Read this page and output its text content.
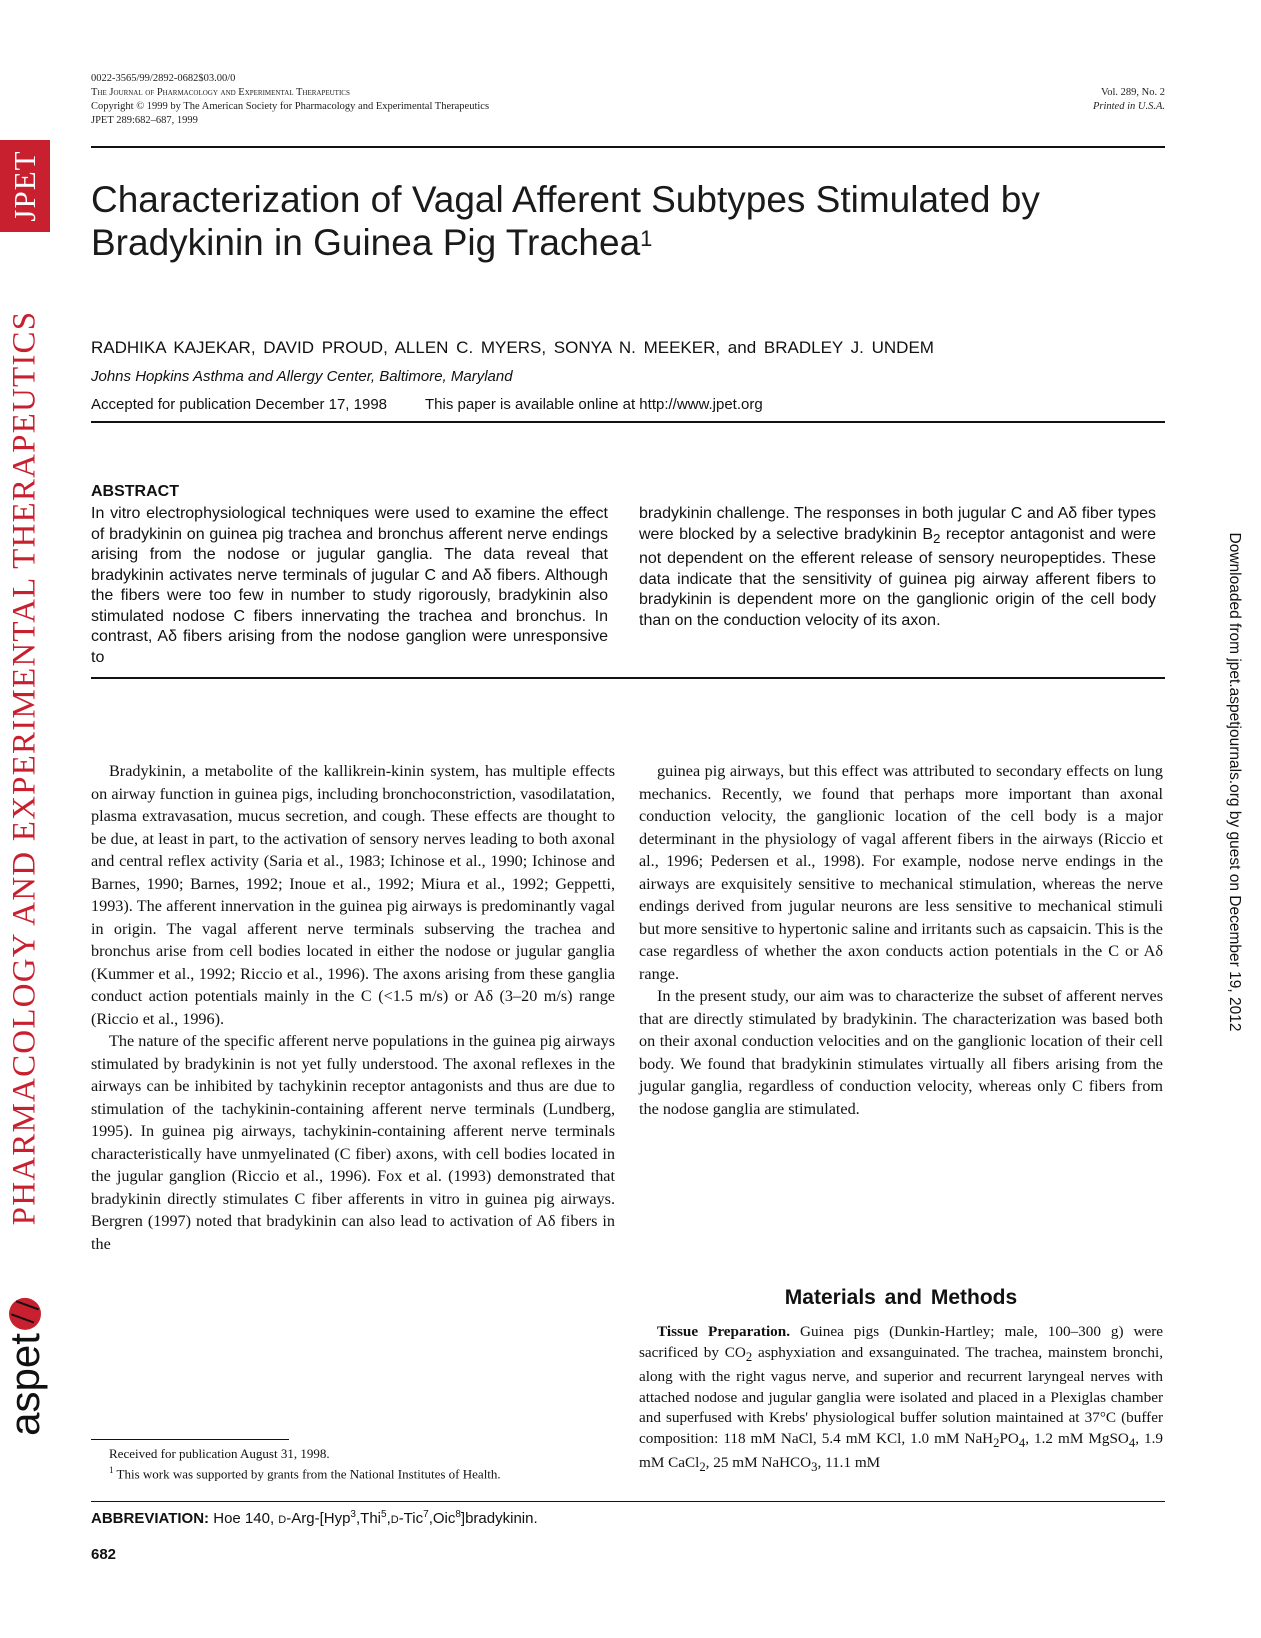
0022-3565/99/2892-0682$03.00/0
The Journal of Pharmacology and Experimental Therapeutics
Copyright © 1999 by The American Society for Pharmacology and Experimental Therapeutics
JPET 289:682–687, 1999
Vol. 289, No. 2
Printed in U.S.A.
Characterization of Vagal Afferent Subtypes Stimulated by Bradykinin in Guinea Pig Trachea$^1$
RADHIKA KAJEKAR, DAVID PROUD, ALLEN C. MYERS, SONYA N. MEEKER, and BRADLEY J. UNDEM
Johns Hopkins Asthma and Allergy Center, Baltimore, Maryland
Accepted for publication December 17, 1998	This paper is available online at http://www.jpet.org
ABSTRACT
In vitro electrophysiological techniques were used to examine the effect of bradykinin on guinea pig trachea and bronchus afferent nerve endings arising from the nodose or jugular ganglia. The data reveal that bradykinin activates nerve terminals of jugular C and Aδ fibers. Although the fibers were too few in number to study rigorously, bradykinin also stimulated nodose C fibers innervating the trachea and bronchus. In contrast, Aδ fibers arising from the nodose ganglion were unresponsive to
bradykinin challenge. The responses in both jugular C and Aδ fiber types were blocked by a selective bradykinin $B_2$ receptor antagonist and were not dependent on the efferent release of sensory neuropeptides. These data indicate that the sensitivity of guinea pig airway afferent fibers to bradykinin is dependent more on the ganglionic origin of the cell body than on the conduction velocity of its axon.

Bradykinin, a metabolite of the kallikrein-kinin system, has multiple effects on airway function in guinea pigs, including bronchoconstriction, vasodilatation, plasma extravasation, mucus secretion, and cough. These effects are thought to be due, at least in part, to the activation of sensory nerves leading to both axonal and central reflex activity (Saria et al., 1983; Ichinose et al., 1990; Ichinose and Barnes, 1990; Barnes, 1992; Inoue et al., 1992; Miura et al., 1992; Geppetti, 1993). The afferent innervation in the guinea pig airways is predominantly vagal in origin. The vagal afferent nerve terminals subserving the trachea and bronchus arise from cell bodies located in either the nodose or jugular ganglia (Kummer et al., 1992; Riccio et al., 1996). The axons arising from these ganglia conduct action potentials mainly in the C (<1.5 m/s) or Aδ (3–20 m/s) range (Riccio et al., 1996).

The nature of the specific afferent nerve populations in the guinea pig airways stimulated by bradykinin is not yet fully understood. The axonal reflexes in the airways can be inhibited by tachykinin receptor antagonists and thus are due to stimulation of the tachykinin-containing afferent nerve terminals (Lundberg, 1995). In guinea pig airways, tachykinin-containing afferent nerve terminals characteristically have unmyelinated (C fiber) axons, with cell bodies located in the jugular ganglion (Riccio et al., 1996). Fox et al. (1993) demonstrated that bradykinin directly stimulates C fiber afferents in vitro in guinea pig airways. Bergren (1997) noted that bradykinin can also lead to activation of Aδ fibers in the

guinea pig airways, but this effect was attributed to secondary effects on lung mechanics. Recently, we found that perhaps more important than axonal conduction velocity, the ganglionic location of the cell body is a major determinant in the physiology of vagal afferent fibers in the airways (Riccio et al., 1996; Pedersen et al., 1998). For example, nodose nerve endings in the airways are exquisitely sensitive to mechanical stimulation, whereas the nerve endings derived from jugular neurons are less sensitive to mechanical stimuli but more sensitive to hypertonic saline and irritants such as capsaicin. This is the case regardless of whether the axon conducts action potentials in the C or Aδ range.

In the present study, our aim was to characterize the subset of afferent nerves that are directly stimulated by bradykinin. The characterization was based both on their axonal conduction velocities and on the ganglionic location of their cell body. We found that bradykinin stimulates virtually all fibers arising from the jugular ganglia, regardless of conduction velocity, whereas only C fibers from the nodose ganglia are stimulated.

Materials and Methods

Tissue Preparation. Guinea pigs (Dunkin-Hartley; male, 100–300 g) were sacrificed by $CO_2$ asphyxiation and exsanguinated. The trachea, mainstem bronchi, along with the right vagus nerve, and superior and recurrent laryngeal nerves with attached nodose and jugular ganglia were isolated and placed in a Plexiglas chamber and superfused with Krebs' physiological buffer solution maintained at 37°C (buffer composition: 118 mM NaCl, 5.4 mM KCl, 1.0 mM $NaH_2PO_4$, 1.2 mM MgSO$_4$, 1.9 mM CaCl$_2$, 25 mM NaHCO$_3$, 11.1 mM

Received for publication August 31, 1998.
$^1$ This work was supported by grants from the National Institutes of Health.
ABBREVIATION: Hoe 140, d-Arg-[Hyp$^3$,Thi$^5$,d-Tic$^7$,Oic$^8$]bradykinin.
682
JPET
PHARMACOLOGY AND EXPERIMENTAL THERAPEUTICS
aspet
Downloaded from jpet.aspetjournals.org by guest on December 19, 2012
